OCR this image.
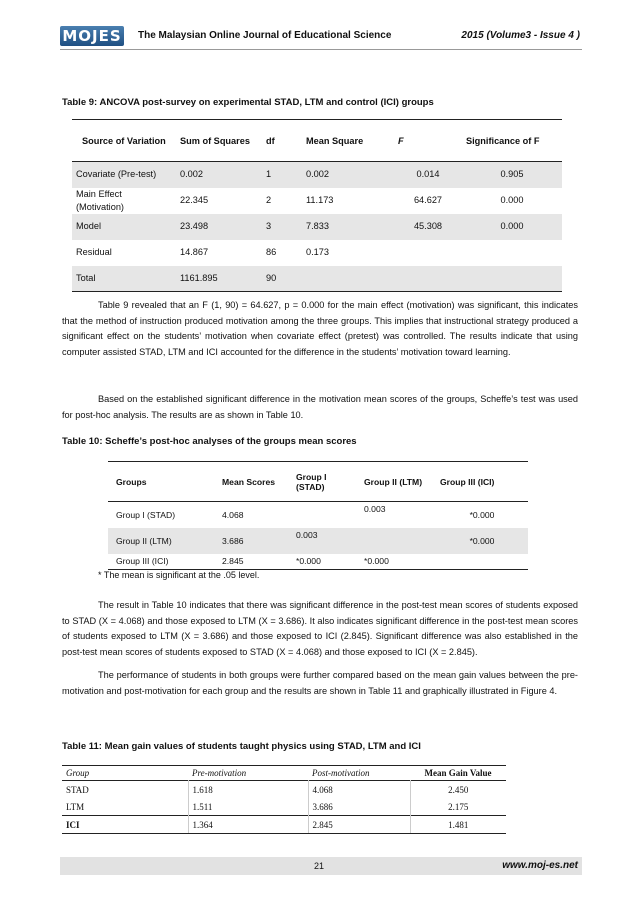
MOJES The Malaysian Online Journal of Educational Science	2015 (Volume3 - Issue 4 )
Table 9: ANCOVA post-survey on experimental STAD, LTM and control (ICI) groups
Source of Variation	Sum of Squares	df	Mean Square	F	Significance of F
Covariate (Pre-test)	0.002	1	0.002	0.014	0.905
Main Effect (Motivation)	22.345	2	11.173	64.627	0.000
Model	23.498	3	7.833	45.308	0.000
Residual	14.867	86	0.173		
Total	1161.895	90			

Table 9 revealed that an F (1, 90) = 64.627, p = 0.000 for the main effect (motivation) was significant, this indicates that the method of instruction produced motivation among the three groups. This implies that instructional strategy produced a significant effect on the students’ motivation when covariate effect (pretest) was controlled. The results indicate that using computer assisted STAD, LTM and ICI accounted for the difference in the students’ motivation toward learning.

Based on the established significant difference in the motivation mean scores of the groups, Scheffe’s test was used for post-hoc analysis. The results are as shown in Table 10.

Table 10: Scheffe’s post-hoc analyses of the groups mean scores
Groups	Mean Scores	Group I (STAD)	Group II (LTM)	Group III (ICI)
Group I (STAD)	4.068		0.003	*0.000
Group II (LTM)	3.686	0.003		*0.000
Group III (ICI)	2.845	*0.000	*0.000	
* The mean is significant at the .05 level.

The result in Table 10 indicates that there was significant difference in the post-test mean scores of students exposed to STAD (X = 4.068) and those exposed to LTM (X = 3.686). It also indicates significant difference in the post-test mean scores of students exposed to LTM (X = 3.686) and those exposed to ICI (2.845). Significant difference was also established in the post-test mean scores of students exposed to STAD (X = 4.068) and those exposed to ICI (X = 2.845).

The performance of students in both groups were further compared based on the mean gain values between the pre-motivation and post-motivation for each group and the results are shown in Table 11 and graphically illustrated in Figure 4.

Table 11: Mean gain values of students taught physics using STAD, LTM and ICI
Group	Pre-motivation	Post-motivation	Mean Gain Value
STAD	1.618	4.068	2.450
LTM	1.511	3.686	2.175
ICI	1.364	2.845	1.481
21	www.moj-es.net
